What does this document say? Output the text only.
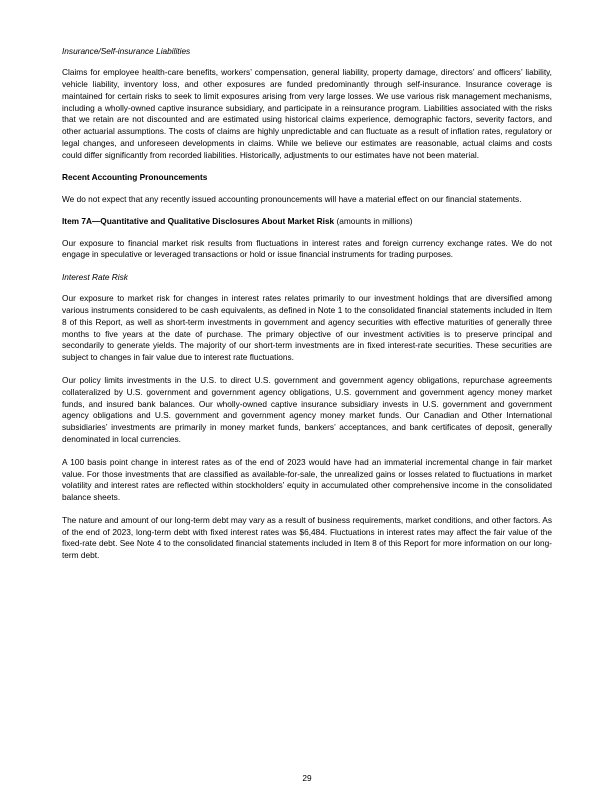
Insurance/Self-insurance Liabilities

Claims for employee health-care benefits, workers’ compensation, general liability, property damage, directors’ and officers’ liability, vehicle liability, inventory loss, and other exposures are funded predominantly through self-insurance. Insurance coverage is maintained for certain risks to seek to limit exposures arising from very large losses. We use various risk management mechanisms, including a wholly-owned captive insurance subsidiary, and participate in a reinsurance program. Liabilities associated with the risks that we retain are not discounted and are estimated using historical claims experience, demographic factors, severity factors, and other actuarial assumptions. The costs of claims are highly unpredictable and can fluctuate as a result of inflation rates, regulatory or legal changes, and unforeseen developments in claims. While we believe our estimates are reasonable, actual claims and costs could differ significantly from recorded liabilities. Historically, adjustments to our estimates have not been material.

Recent Accounting Pronouncements

We do not expect that any recently issued accounting pronouncements will have a material effect on our financial statements.

Item 7A—Quantitative and Qualitative Disclosures About Market Risk (amounts in millions)

Our exposure to financial market risk results from fluctuations in interest rates and foreign currency exchange rates. We do not engage in speculative or leveraged transactions or hold or issue financial instruments for trading purposes.

Interest Rate Risk

Our exposure to market risk for changes in interest rates relates primarily to our investment holdings that are diversified among various instruments considered to be cash equivalents, as defined in Note 1 to the consolidated financial statements included in Item 8 of this Report, as well as short-term investments in government and agency securities with effective maturities of generally three months to five years at the date of purchase. The primary objective of our investment activities is to preserve principal and secondarily to generate yields. The majority of our short-term investments are in fixed interest-rate securities. These securities are subject to changes in fair value due to interest rate fluctuations.

Our policy limits investments in the U.S. to direct U.S. government and government agency obligations, repurchase agreements collateralized by U.S. government and government agency obligations, U.S. government and government agency money market funds, and insured bank balances. Our wholly-owned captive insurance subsidiary invests in U.S. government and government agency obligations and U.S. government and government agency money market funds. Our Canadian and Other International subsidiaries’ investments are primarily in money market funds, bankers’ acceptances, and bank certificates of deposit, generally denominated in local currencies.

A 100 basis point change in interest rates as of the end of 2023 would have had an immaterial incremental change in fair market value. For those investments that are classified as available-for-sale, the unrealized gains or losses related to fluctuations in market volatility and interest rates are reflected within stockholders’ equity in accumulated other comprehensive income in the consolidated balance sheets.

The nature and amount of our long-term debt may vary as a result of business requirements, market conditions, and other factors. As of the end of 2023, long-term debt with fixed interest rates was $6,484. Fluctuations in interest rates may affect the fair value of the fixed-rate debt. See Note 4 to the consolidated financial statements included in Item 8 of this Report for more information on our long-term debt.

29
